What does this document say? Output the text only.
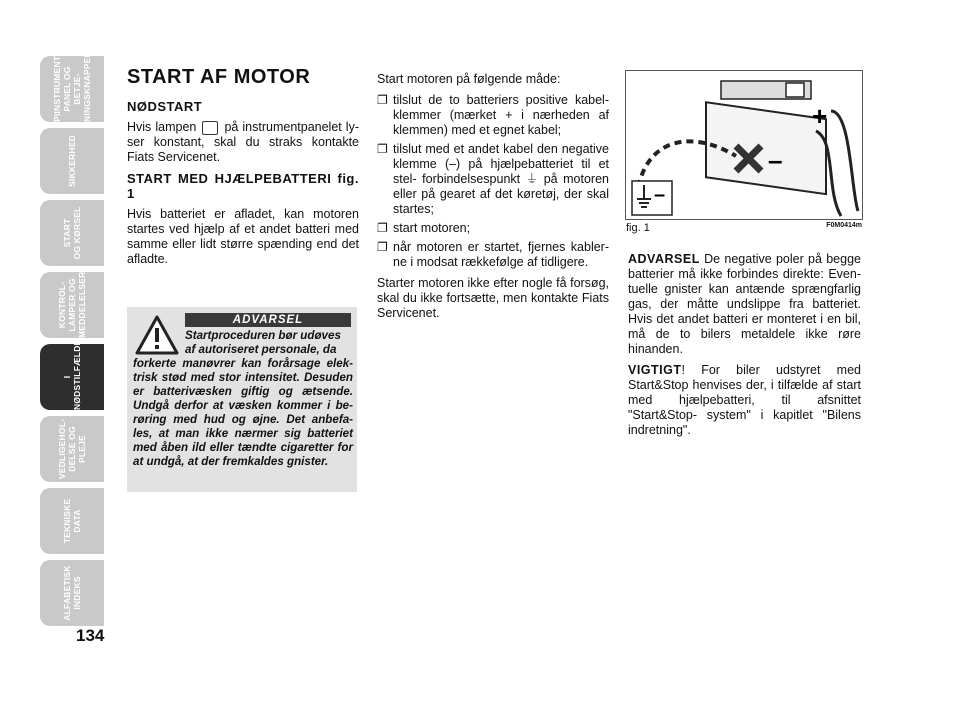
PIINSTRUMENT- PANEL OG BETJE- NINGSKNAPPER
SIKKERHED
START OG KØRSEL
KONTROL- LAMPER OG MEDDELELSER
I NØDSTILFÆLDE
VEDLIGEHOL- DELSE OG PLEJE
TEKNISKE DATA
ALFABETISK INDEKS
134
START AF MOTOR
NØDSTART

Hvis lampen på instrumentpanelet ly- ser konstant, skal du straks kontakte Fiats Servicenet.

START MED HJÆLPEBATTERI fig. 1

Hvis batteriet er afladet, kan motoren startes ved hjælp af et andet batteri med samme eller lidt større spænding end det afladte.

ADVARSEL
Startproceduren bør udøves
af autoriseret personale, da
forkerte manøvrer kan forårsage elek- trisk stød med stor intensitet. Desuden er batterivæsken giftig og ætsende. Undgå derfor at væsken kommer i be- røring med hud og øjne. Det anbefa- les, at man ikke nærmer sig batteriet med åben ild eller tændte cigaretter for at undgå, at der fremkaldes gnister.

Start motoren på følgende måde:

❐ tilslut de to batteriers positive kabel- klemmer (mærket + i nærheden af klemmen) med et egnet kabel;
❐ tilslut med et andet kabel den negative klemme (–) på hjælpebatteriet til et stel- forbindelsespunkt ⏚ på motoren eller på gearet af det køretøj, der skal startes;
❐ start motoren;
❐ når motoren er startet, fjernes kabler- ne i modsat rækkefølge af tidligere.

Starter motoren ikke efter nogle få forsøg, skal du ikke fortsætte, men kontakte Fiats Servicenet.

+
–
–
fig. 1	F0M0414m

ADVARSEL De negative poler på begge batterier må ikke forbindes direkte: Even- tuelle gnister kan antænde sprængfarlig gas, der måtte undslippe fra batteriet. Hvis det andet batteri er monteret i en bil, må de to bilers metaldele ikke røre hinanden.

VIGTIGT! For biler udstyret med Start&Stop henvises der, i tilfælde af start med hjælpebatteri, til afsnittet "Start&Stop- system" i kapitlet "Bilens indretning".
